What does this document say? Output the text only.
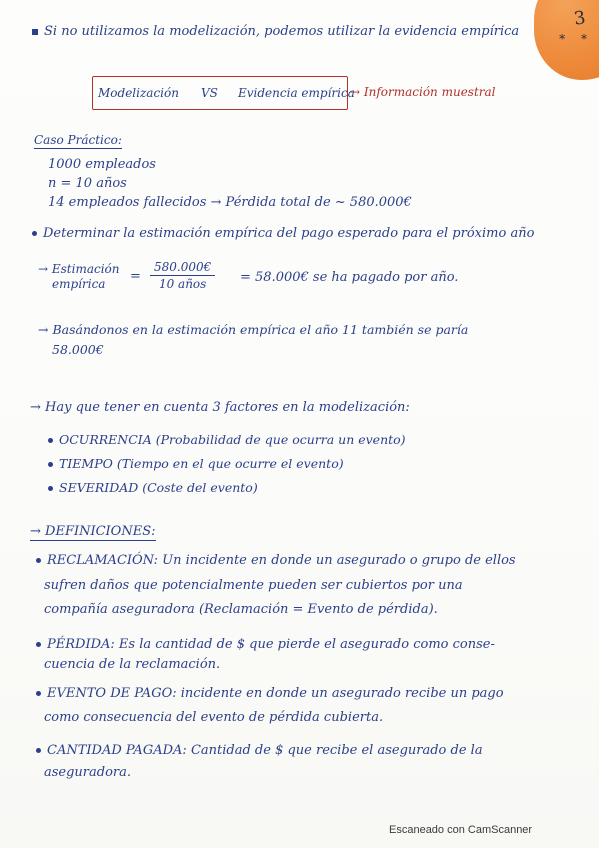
3
* *
Si no utilizamos la modelización, podemos utilizar la evidencia empírica
Modelización VS Evidencia empírica
→ Información muestral
Caso Práctico:
1000 empleados
n = 10 años
14 empleados fallecidos → Pérdida total de ~ 580.000€
Determinar la estimación empírica del pago esperado para el próximo año
→ Estimación
empírica =
580.000€
10 años	= 58.000€ se ha pagado por año.
→ Basándonos en la estimación empírica el año 11 también se paría
58.000€
→ Hay que tener en cuenta 3 factores en la modelización:
OCURRENCIA (Probabilidad de que ocurra un evento)
TIEMPO (Tiempo en el que ocurre el evento)
SEVERIDAD (Coste del evento)
→ DEFINICIONES:
RECLAMACIÓN: Un incidente en donde un asegurado o grupo de ellos
sufren daños que potencialmente pueden ser cubiertos por una
compañía aseguradora (Reclamación = Evento de pérdida).
PÉRDIDA: Es la cantidad de $ que pierde el asegurado como conse-
cuencia de la reclamación.
EVENTO DE PAGO: incidente en donde un asegurado recibe un pago
como consecuencia del evento de pérdida cubierta.
CANTIDAD PAGADA: Cantidad de $ que recibe el asegurado de la
aseguradora.
Escaneado con CamScanner
